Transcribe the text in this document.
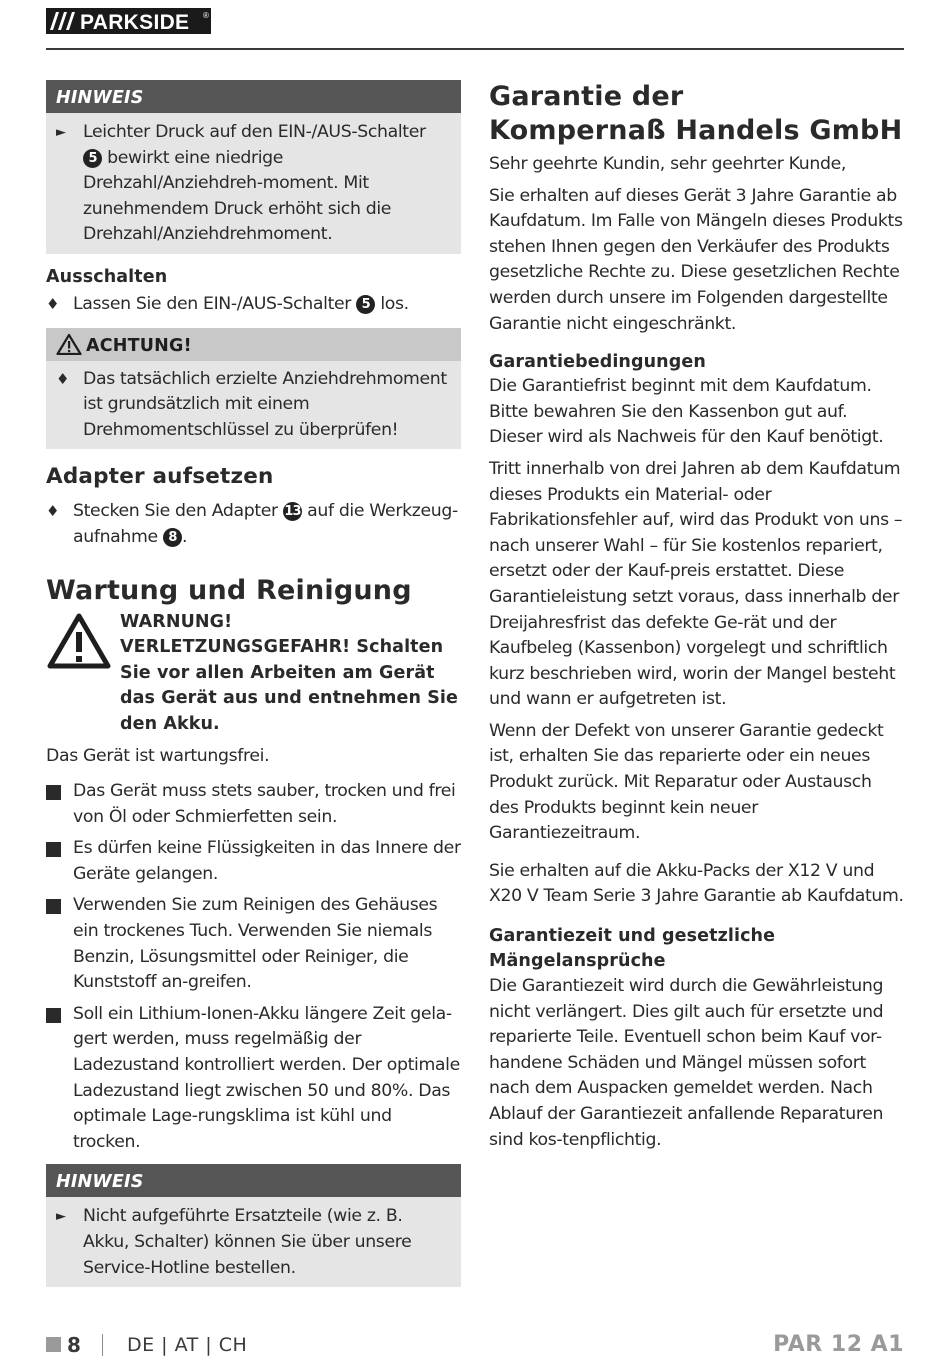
PARKSIDE ®
HINWEIS
► Leichter Druck auf den EIN-/AUS-Schalter 5 bewirkt eine niedrige Drehzahl/Anziehdreh-moment. Mit zunehmendem Druck erhöht sich die Drehzahl/Anziehdrehmoment.

Ausschalten

♦ Lassen Sie den EIN-/AUS-Schalter 5 los.
ACHTUNG!
♦ Das tatsächlich erzielte Anziehdrehmoment ist grundsätzlich mit einem Drehmomentschlüssel zu überprüfen!

Adapter aufsetzen

♦ Stecken Sie den Adapter 13 auf die Werkzeug-aufnahme 8 .

Wartung und Reinigung

WARNUNG! VERLETZUNGSGEFAHR! Schalten Sie vor allen Arbeiten am Gerät das Gerät aus und entnehmen Sie den Akku.

Das Gerät ist wartungsfrei.

Das Gerät muss stets sauber, trocken und frei von Öl oder Schmierfetten sein.
Es dürfen keine Flüssigkeiten in das Innere der Geräte gelangen.
Verwenden Sie zum Reinigen des Gehäuses ein trockenes Tuch. Verwenden Sie niemals Benzin, Lösungsmittel oder Reiniger, die Kunststoff an-greifen.
Soll ein Lithium-Ionen-Akku längere Zeit gela-gert werden, muss regelmäßig der Ladezustand kontrolliert werden. Der optimale Ladezustand liegt zwischen 50 und 80%. Das optimale Lage-rungsklima ist kühl und trocken.
HINWEIS
► Nicht aufgeführte Ersatzteile (wie z. B. Akku, Schalter) können Sie über unsere Service-Hotline bestellen.

Garantie der

Kompernaß Handels GmbH

Sehr geehrte Kundin, sehr geehrter Kunde,

Sie erhalten auf dieses Gerät 3 Jahre Garantie ab Kaufdatum. Im Falle von Mängeln dieses Produkts stehen Ihnen gegen den Verkäufer des Produkts gesetzliche Rechte zu. Diese gesetzlichen Rechte werden durch unsere im Folgenden dargestellte Garantie nicht eingeschränkt.

Garantiebedingungen

Die Garantiefrist beginnt mit dem Kaufdatum. Bitte bewahren Sie den Kassenbon gut auf. Dieser wird als Nachweis für den Kauf benötigt.

Tritt innerhalb von drei Jahren ab dem Kaufdatum dieses Produkts ein Material- oder Fabrikationsfehler auf, wird das Produkt von uns – nach unserer Wahl – für Sie kostenlos repariert, ersetzt oder der Kauf-preis erstattet. Diese Garantieleistung setzt voraus, dass innerhalb der Dreijahresfrist das defekte Ge-rät und der Kaufbeleg (Kassenbon) vorgelegt und schriftlich kurz beschrieben wird, worin der Mangel besteht und wann er aufgetreten ist.

Wenn der Defekt von unserer Garantie gedeckt ist, erhalten Sie das reparierte oder ein neues Produkt zurück. Mit Reparatur oder Austausch des Produkts beginnt kein neuer Garantiezeitraum.

Sie erhalten auf die Akku-Packs der X12 V und X20 V Team Serie 3 Jahre Garantie ab Kaufdatum.

Garantiezeit und gesetzliche Mängelansprüche

Die Garantiezeit wird durch die Gewährleistung nicht verlängert. Dies gilt auch für ersetzte und reparierte Teile. Eventuell schon beim Kauf vor-handene Schäden und Mängel müssen sofort nach dem Auspacken gemeldet werden. Nach Ablauf der Garantiezeit anfallende Reparaturen sind kos-tenpflichtig.

8 DE | AT | CH	PAR 12 A1
